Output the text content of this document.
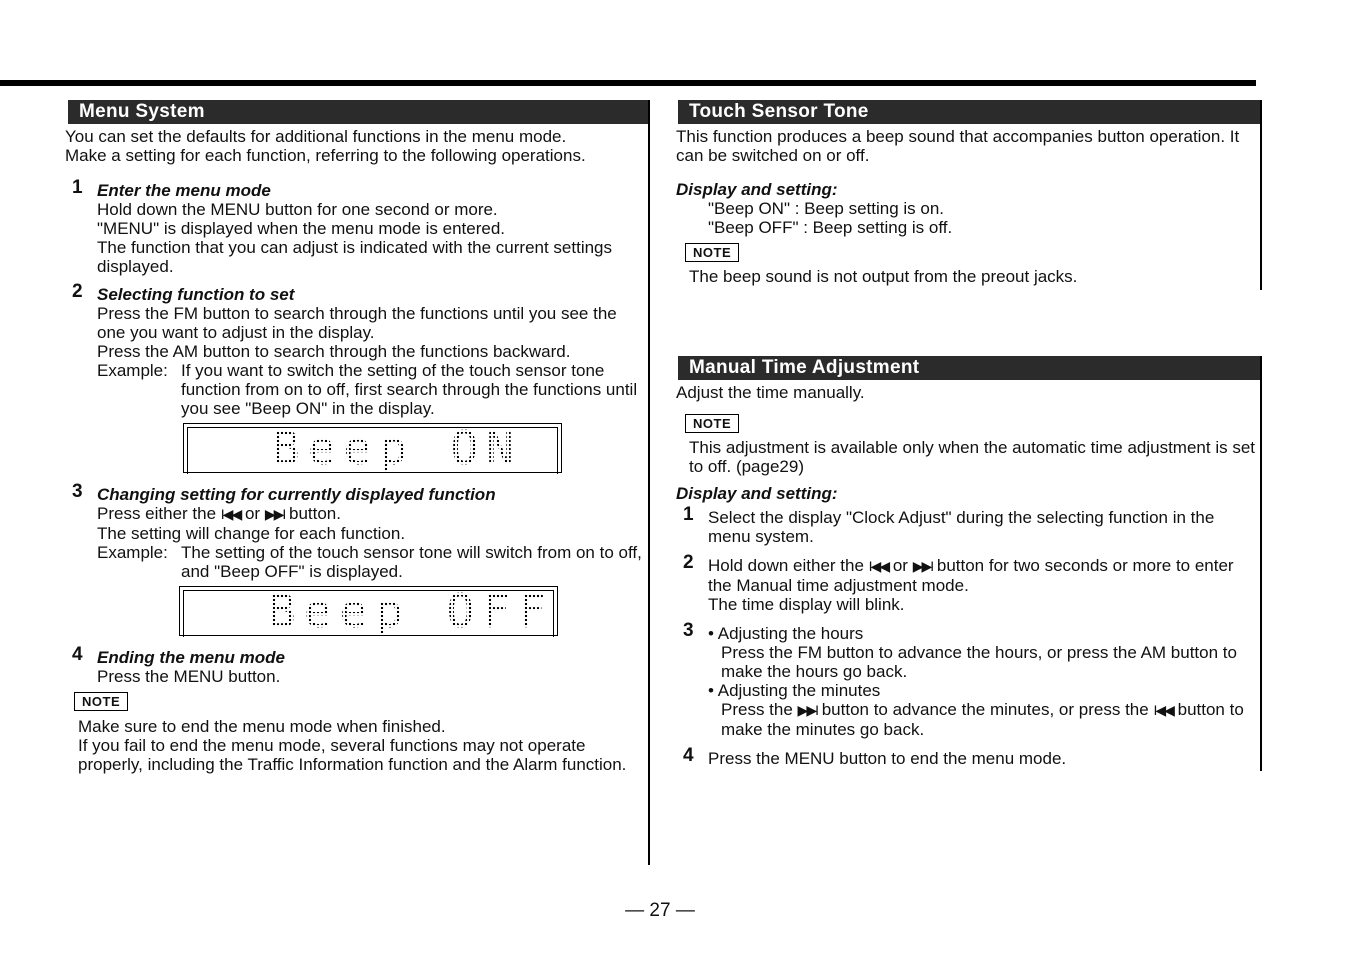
Menu System

You can set the defaults for additional functions in the menu mode.

Make a setting for each function, referring to the following operations.

1 Enter the menu mode

Hold down the MENU button for one second or more.

"MENU" is displayed when the menu mode is entered.

The function that you can adjust is indicated with the current settings displayed.

2 Selecting function to set

Press the FM button to search through the functions until you see the one you want to adjust in the display.

Press the AM button to search through the functions backward.

Example: If you want to switch the setting of the touch sensor tone function from on to off, first search through the functions until you see "Beep ON" in the display.
Beep ON
3 Changing setting for currently displayed function

Press either the I◀◀ or ▶▶I button.

The setting will change for each function.

Example: The setting of the touch sensor tone will switch from on to off, and "Beep OFF" is displayed.
Beep OFF
4 Ending the menu mode

Press the MENU button.

NOTE

Make sure to end the menu mode when finished.

If you fail to end the menu mode, several functions may not operate properly, including the Traffic Information function and the Alarm function.

Touch Sensor Tone

This function produces a beep sound that accompanies button operation. It can be switched on or off.

Display and setting:

"Beep ON" : Beep setting is on.

"Beep OFF" : Beep setting is off.

NOTE

The beep sound is not output from the preout jacks.

Manual Time Adjustment

Adjust the time manually.

NOTE

This adjustment is available only when the automatic time adjustment is set to off. (page29)

Display and setting:
1 Select the display "Clock Adjust" during the selecting function in the menu system.

2 Hold down either the I◀◀ or ▶▶I button for two seconds or more to enter the Manual time adjustment mode.

The time display will blink.

3 • Adjusting the hours

Press the FM button to advance the hours, or press the AM button to make the hours go back.

• Adjusting the minutes

Press the ▶▶I button to advance the minutes, or press the I◀◀ button to make the minutes go back.

4 Press the MENU button to end the menu mode.

— 27 —
